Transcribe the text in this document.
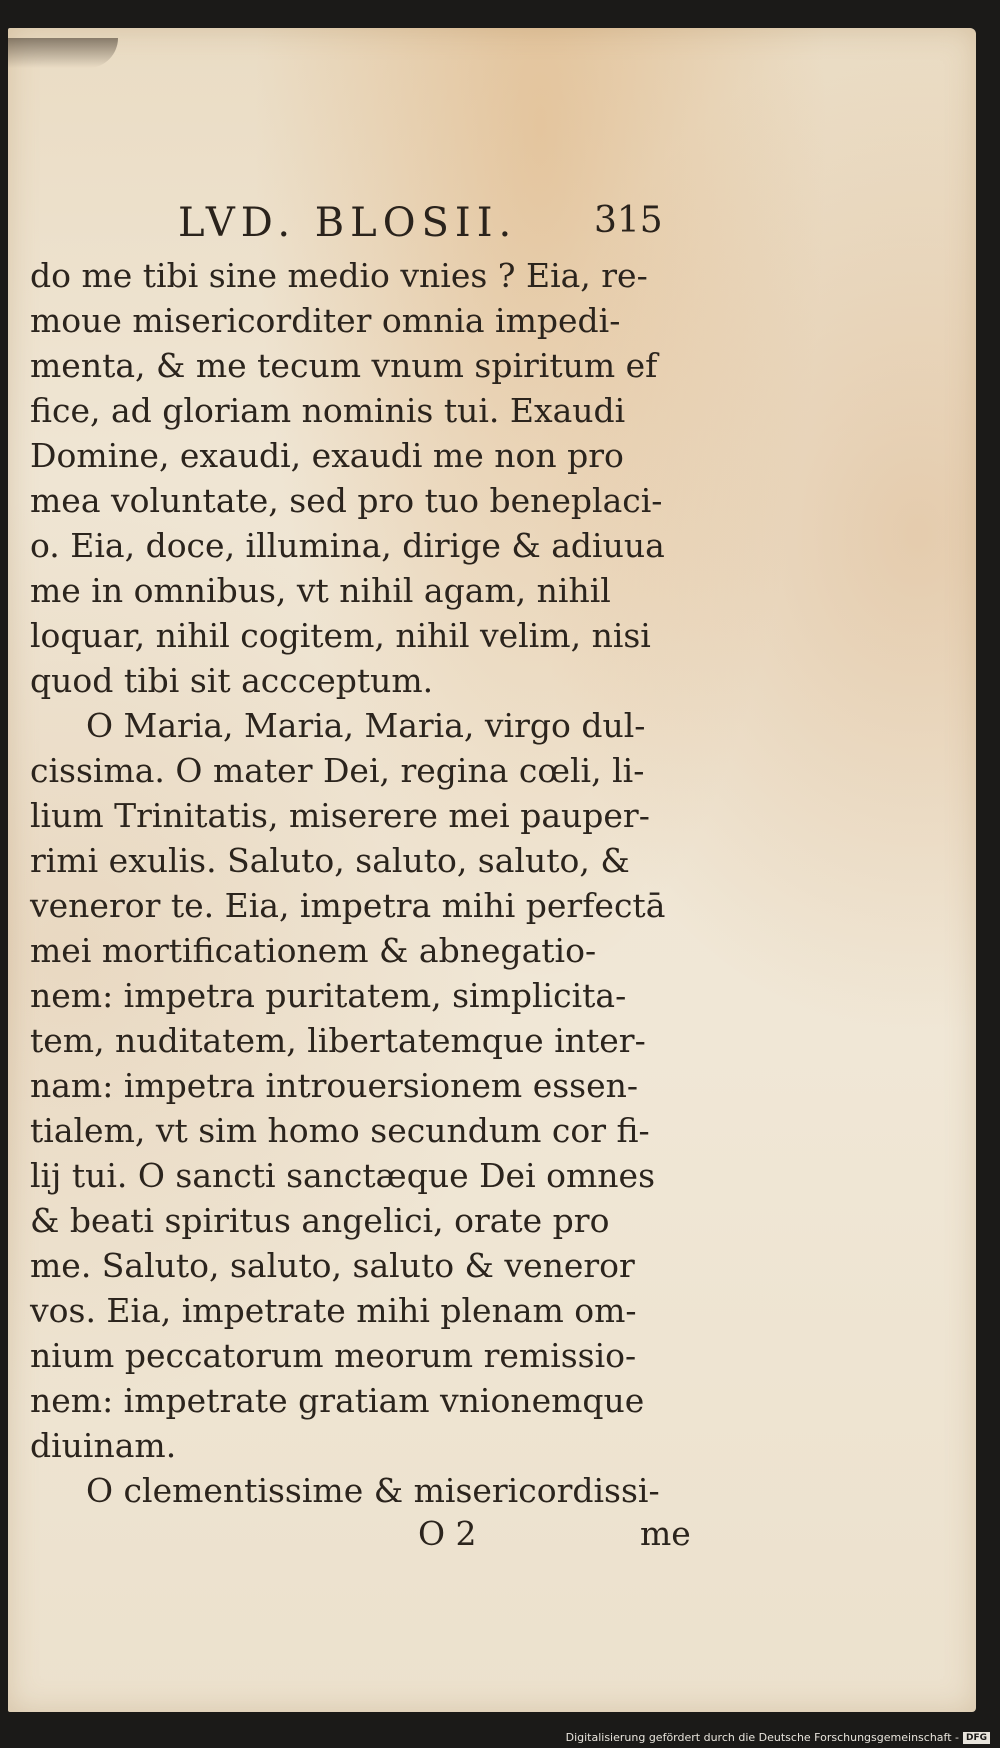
LVD. BLOSII. 315
do me tibi sine medio vnies ? Eia, re-
moue misericorditer omnia impedi-
menta, & me tecum vnum spiritum ef
fice, ad gloriam nominis tui. Exaudi
Domine, exaudi, exaudi me non pro
mea voluntate, sed pro tuo beneplaci-
o. Eia, doce, illumina, dirige & adiuua
me in omnibus, vt nihil agam, nihil
loquar, nihil cogitem, nihil velim, nisi
quod tibi sit accceptum.
O Maria, Maria, Maria, virgo dul-
cissima. O mater Dei, regina cœli, li-
lium Trinitatis, miserere mei pauper-
rimi exulis. Saluto, saluto, saluto, &
veneror te. Eia, impetra mihi perfectā
mei mortificationem & abnegatio-
nem: impetra puritatem, simplicita-
tem, nuditatem, libertatemque inter-
nam: impetra introuersionem essen-
tialem, vt sim homo secundum cor fi-
lij tui. O sancti sanctæque Dei omnes
& beati spiritus angelici, orate pro
me. Saluto, saluto, saluto & veneror
vos. Eia, impetrate mihi plenam om-
nium peccatorum meorum remissio-
nem: impetrate gratiam vnionemque
diuinam.
O clementissime & misericordissi-
O 2	me
Digitalisierung gefördert durch die Deutsche Forschungsgemeinschaft - DFG
